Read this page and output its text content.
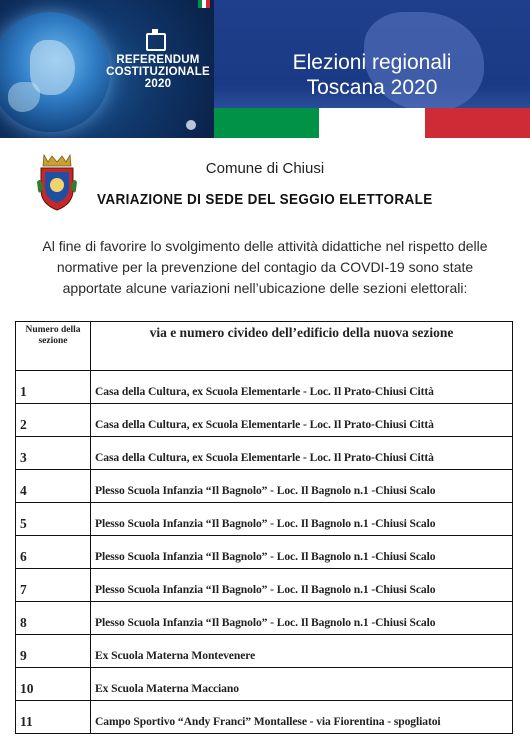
REFERENDUM
COSTITUZIONALE
2020
Elezioni regionali
Toscana 2020
Comune di Chiusi
VARIAZIONE DI SEDE DEL SEGGIO ELETTORALE
Al fine di favorire lo svolgimento delle attività didattiche nel rispetto delle
normative per la prevenzione del contagio da COVDI-19 sono state
apportate alcune variazioni nell’ubicazione delle sezioni elettorali:
Numero della sezione	via e numero civideo dell’edificio della nuova sezione
1	Casa della Cultura, ex Scuola Elementarle - Loc. Il Prato-Chiusi Città
2	Casa della Cultura, ex Scuola Elementarle - Loc. Il Prato-Chiusi Città
3	Casa della Cultura, ex Scuola Elementarle - Loc. Il Prato-Chiusi Città
4	Plesso Scuola Infanzia “Il Bagnolo” - Loc. Il Bagnolo n.1 -Chiusi Scalo
5	Plesso Scuola Infanzia “Il Bagnolo” - Loc. Il Bagnolo n.1 -Chiusi Scalo
6	Plesso Scuola Infanzia “Il Bagnolo” - Loc. Il Bagnolo n.1 -Chiusi Scalo
7	Plesso Scuola Infanzia “Il Bagnolo” - Loc. Il Bagnolo n.1 -Chiusi Scalo
8	Plesso Scuola Infanzia “Il Bagnolo” - Loc. Il Bagnolo n.1 -Chiusi Scalo
9	Ex Scuola Materna Montevenere
10	Ex Scuola Materna Macciano
11	Campo Sportivo “Andy Franci” Montallese - via Fiorentina - spogliatoi
